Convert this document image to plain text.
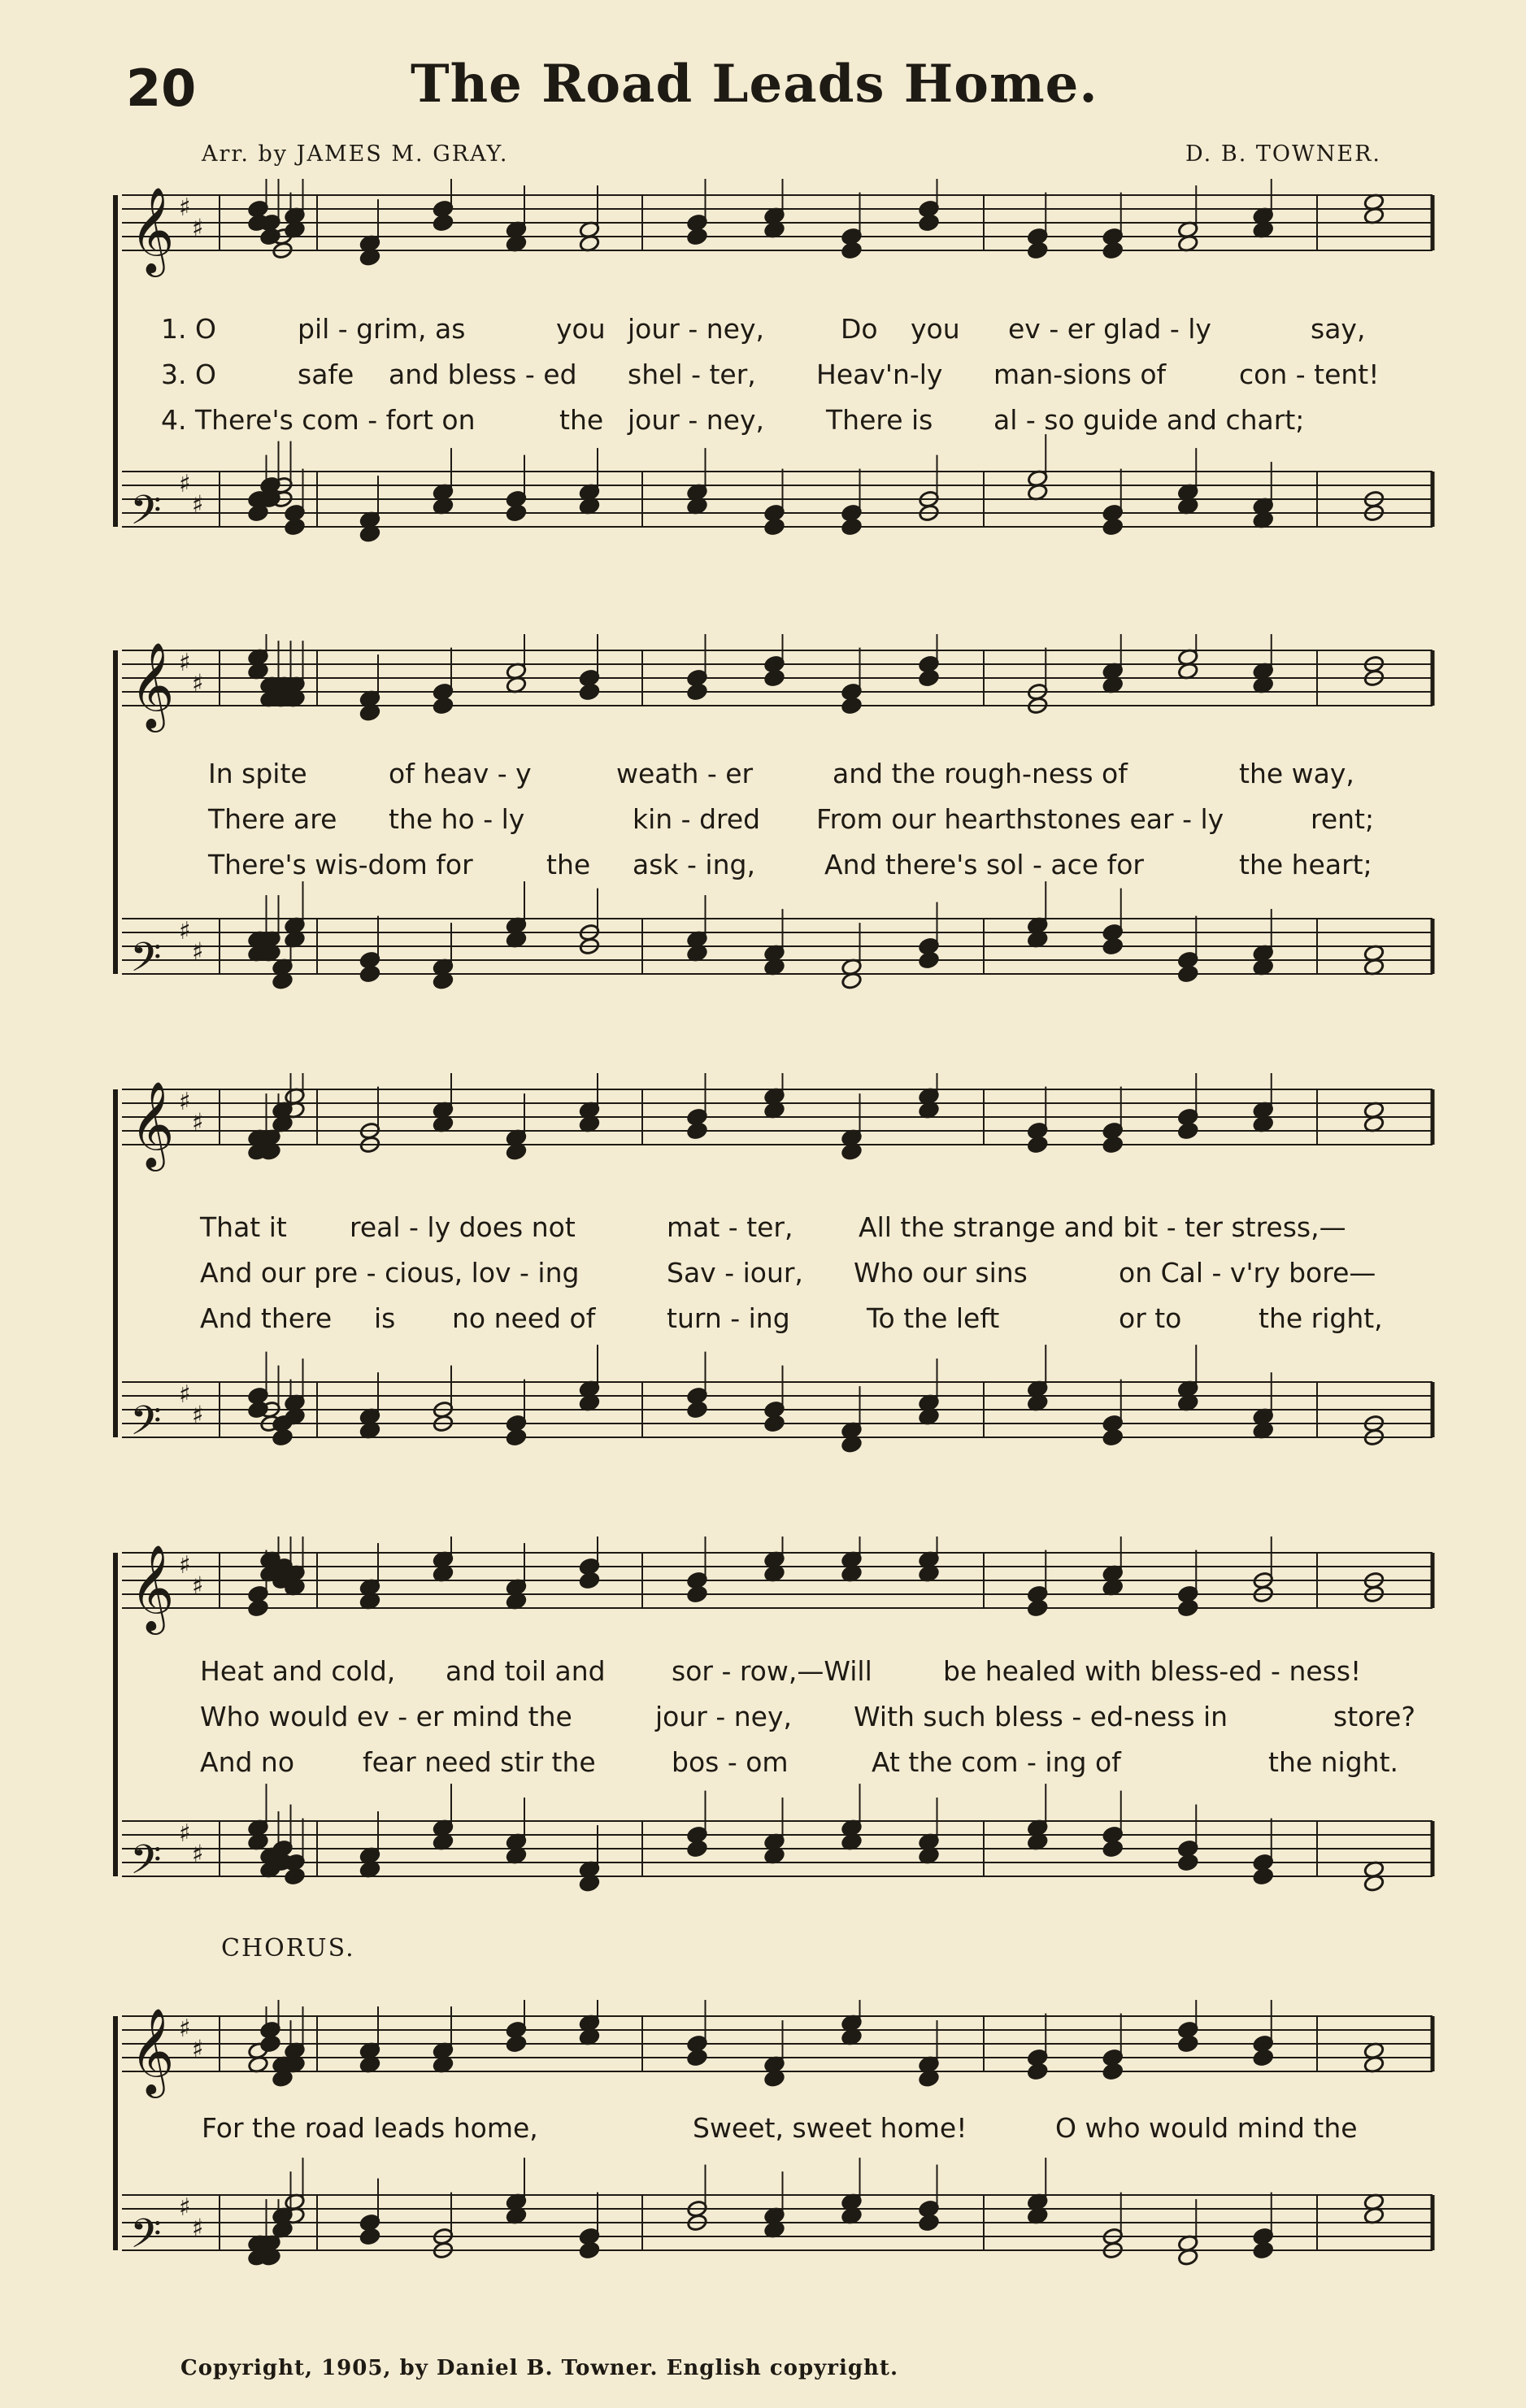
20	The Road Leads Home.
Arr. by JAMES M. GRAY.	D. B. TOWNER.
𝄞 ♯
♯
𝄢
♯
♯
𝄞 ♯
♯
𝄢
♯
♯
𝄞 ♯
♯
𝄢
♯
♯
𝄞 ♯
♯
𝄢
♯
♯
𝄞 ♯
♯
𝄢
♯
♯
CHORUS.
1. O	pil - grim, as	you jour - ney,	Do you ev - er glad - ly	say,
3. O	safe and bless - ed shel - ter, Heav'n-ly man-sions of	con - tent!
4. There's com - fort on	the jour - ney, There is al - so guide and chart;
In spite	of heav - y	weath - er	and the rough-ness of	the way,
There are the ho - ly	kin - dred From our hearthstones ear - ly	rent;
There's wis-dom for	the ask - ing,	And there's sol - ace for	the heart;
That it real - ly does not	mat - ter, All the strange and bit - ter stress,—
And our pre - cious, lov - ing	Sav - iour, Who our sins	on Cal - v'ry bore—
And there is no need of	turn - ing	To the left	or to	the right,
Heat and cold, and toil and sor - row,—Will	be healed with bless-ed - ness!
Who would ev - er mind the	jour - ney, With such bless - ed-ness in	store?
And no	fear need stir the	bos - om	At the com - ing of	the night.
For the road leads home,	Sweet, sweet home!	O who would mind the
Copyright, 1905, by Daniel B. Towner. English copyright.
